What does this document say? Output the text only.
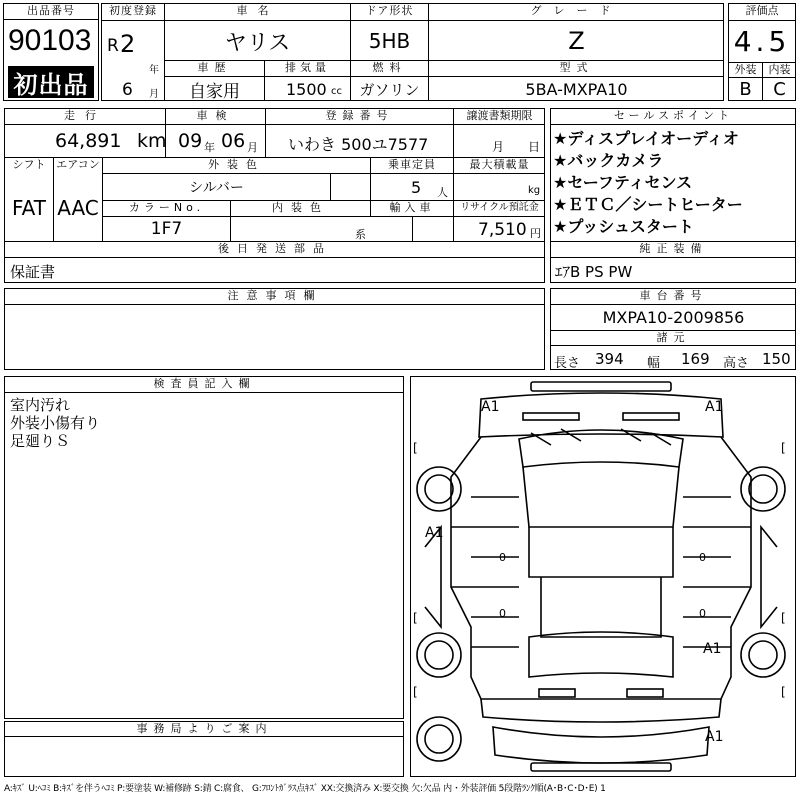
出品番号
90103
初出品
初度登録
R 2
年
6 月
車名
ヤリス
車歴
自家用
排気量
1500 cc
ドア形状
5HB
燃料
ガソリン
グレード
Z
型式
5BA-MXPA10
評価点
4.5
外装	内装
B	C
走行
64,891 km
車検
09 年 06 月
登録番号
いわき 500ユ7577
譲渡書類期限
月 日
シフト
FAT
エアコン
AAC
外装色
シルバー
乗車定員
5 人
最大積載量
kg
カラーNo.
1F7
内装色
系
輸入車	リサイクル預託金
7,510 円
後日発送部品
保証書
注意事項欄
セールスポイント
★ディスプレイオーディオ
★バックカメラ
★セーフティセンス
★ＥＴＣ／シートヒーター
★プッシュスタート
純正装備
ｴｱB PS PW
車台番号
MXPA10-2009856
諸元
長さ 394 幅 169 高さ 150
検査員記入欄
室内汚れ
外装小傷有り
足廻りＳ
事務局よりご案内
A1	A1
A1
A1
A1
[	[
[	[
[	[
0
0
0
0
A:ｷｽﾞ U:ﾍｺﾐ B:ｷｽﾞを伴うﾍｺﾐ P:要塗装 W:補修跡 S:錆 C:腐食、 G:ﾌﾛﾝﾄｶﾞﾗｽ点ｷｽﾞ XX:交換済み X:要交換 欠:欠品 内・外装評価 5段階ﾗﾝｸ順(A･B･C･D･E) 1
